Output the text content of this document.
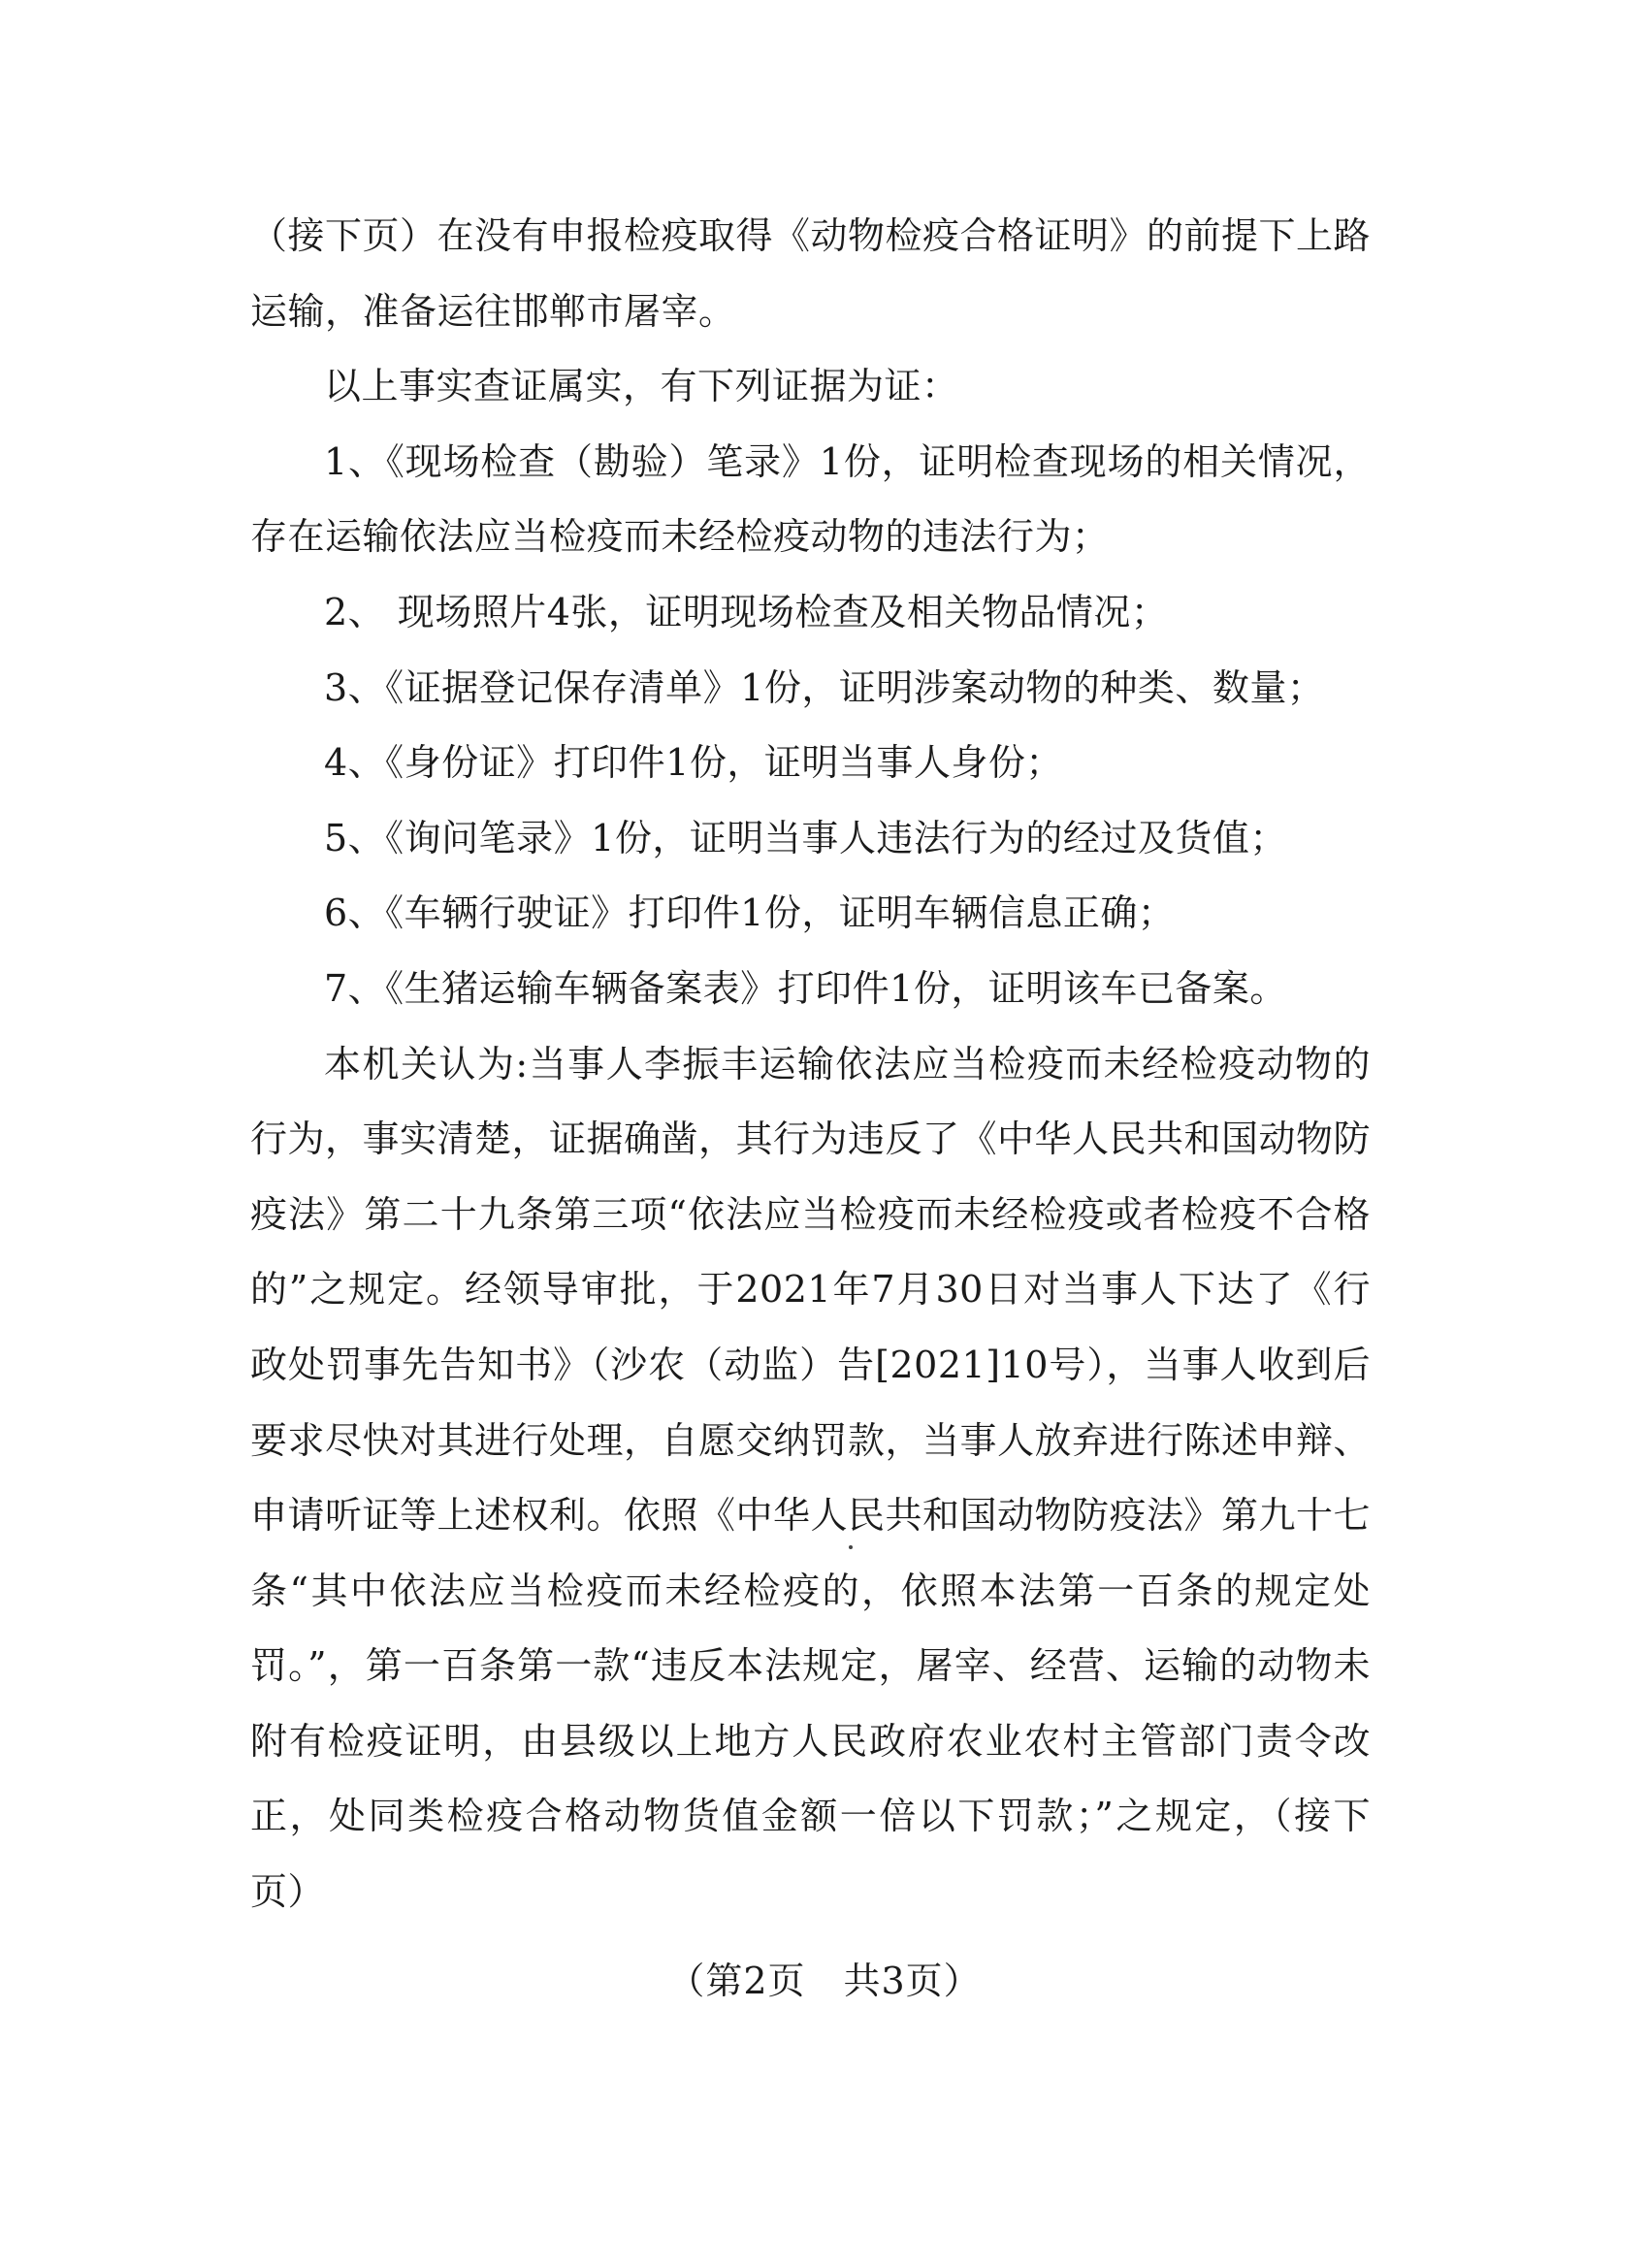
（接下页）在没有申报检疫取得《动物检疫合格证明》的前提下上路运输，准备运往邯郸市屠宰。

以上事实查证属实，有下列证据为证：

1、《现场检查（勘验）笔录》1份，证明检查现场的相关情况，存在运输依法应当检疫而未经检疫动物的违法行为；

2、 现场照片4张，证明现场检查及相关物品情况；

3、《证据登记保存清单》1份，证明涉案动物的种类、数量；

4、《身份证》打印件1份，证明当事人身份；

5、《询问笔录》1份，证明当事人违法行为的经过及货值；

6、《车辆行驶证》打印件1份，证明车辆信息正确；

7、《生猪运输车辆备案表》打印件1份，证明该车已备案。

本机关认为:当事人李振丰运输依法应当检疫而未经检疫动物的行为，事实清楚，证据确凿，其行为违反了《中华人民共和国动物防疫法》第二十九条第三项“依法应当检疫而未经检疫或者检疫不合格的”之规定。经领导审批，于2021年7月30日对当事人下达了《行政处罚事先告知书》（沙农（动监）告[2021]10号），当事人收到后要求尽快对其进行处理，自愿交纳罚款，当事人放弃进行陈述申辩、申请听证等上述权利。依照《中华人民共和国动物防疫法》第九十七条“其中依法应当检疫而未经检疫的，依照本法第一百条的规定处罚。”，第一百条第一款“违反本法规定，屠宰、经营、运输的动物未附有检疫证明，由县级以上地方人民政府农业农村主管部门责令改正，处同类检疫合格动物货值金额一倍以下罚款；”之规定，（接下页）

（第2页　共3页）
